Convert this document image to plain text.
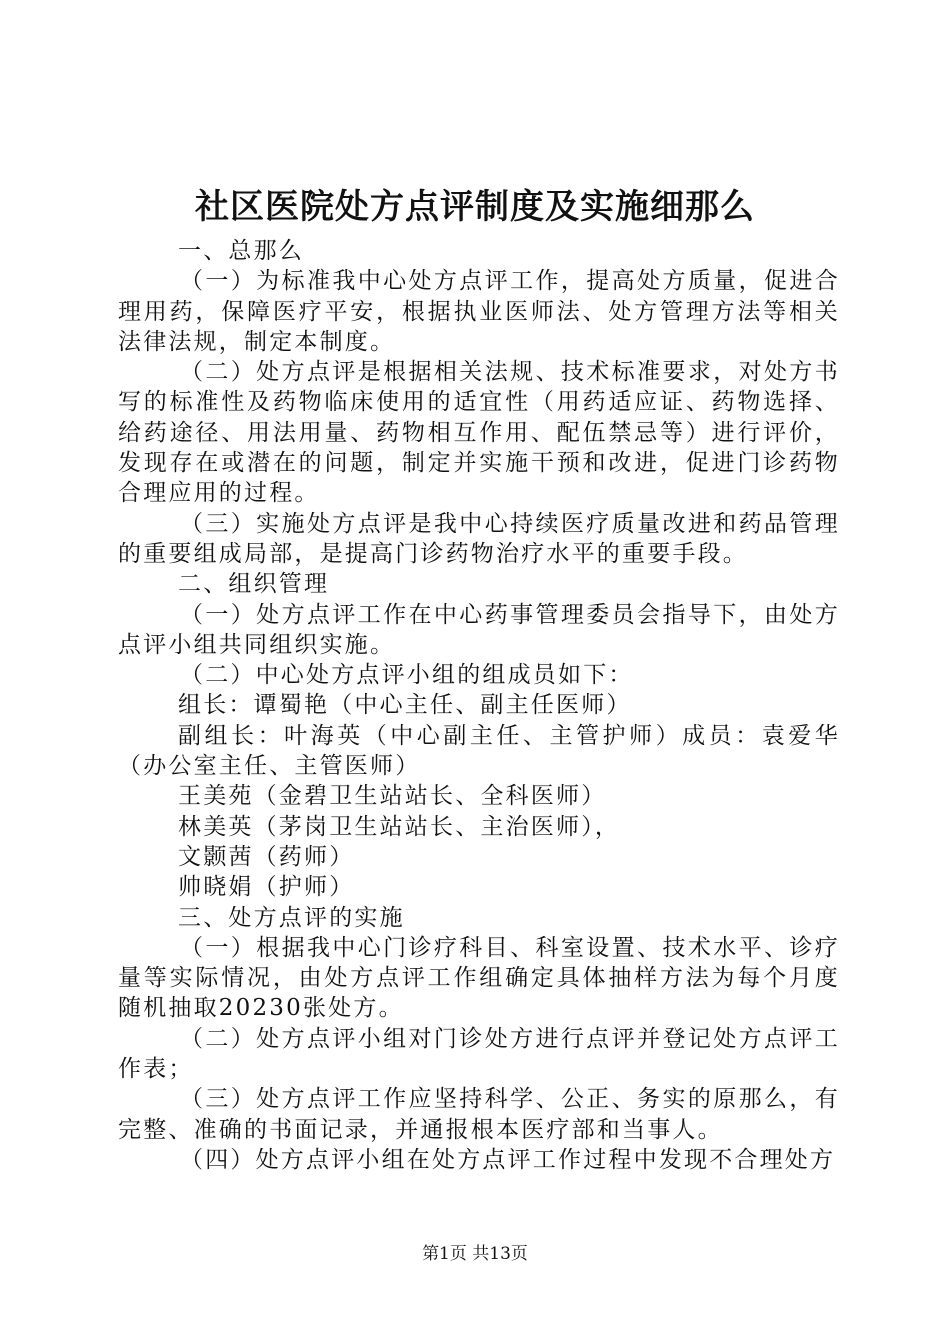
社区医院处方点评制度及实施细那么

一、总那么

（一）为标准我中心处方点评工作，提高处方质量，促进合理用药，保障医疗平安，根据执业医师法、处方管理方法等相关法律法规，制定本制度。

（二）处方点评是根据相关法规、技术标准要求，对处方书写的标准性及药物临床使用的适宜性（用药适应证、药物选择、给药途径、用法用量、药物相互作用、配伍禁忌等）进行评价，发现存在或潜在的问题，制定并实施干预和改进，促进门诊药物合理应用的过程。

（三）实施处方点评是我中心持续医疗质量改进和药品管理的重要组成局部，是提高门诊药物治疗水平的重要手段。

二、组织管理

（一）处方点评工作在中心药事管理委员会指导下，由处方点评小组共同组织实施。

（二）中心处方点评小组的组成员如下：

组长：谭蜀艳（中心主任、副主任医师）

副组长：叶海英（中心副主任、主管护师）成员：袁爱华（办公室主任、主管医师）

王美苑（金碧卫生站站长、全科医师）

林美英（茅岗卫生站站长、主治医师），

文颢茜（药师）

帅晓娟（护师）

三、处方点评的实施

（一）根据我中心门诊疗科目、科室设置、技术水平、诊疗量等实际情况，由处方点评工作组确定具体抽样方法为每个月度随机抽取20230张处方。

（二）处方点评小组对门诊处方进行点评并登记处方点评工作表；

（三）处方点评工作应坚持科学、公正、务实的原那么，有完整、准确的书面记录，并通报根本医疗部和当事人。

（四）处方点评小组在处方点评工作过程中发现不合理处方

第1页 共13页
